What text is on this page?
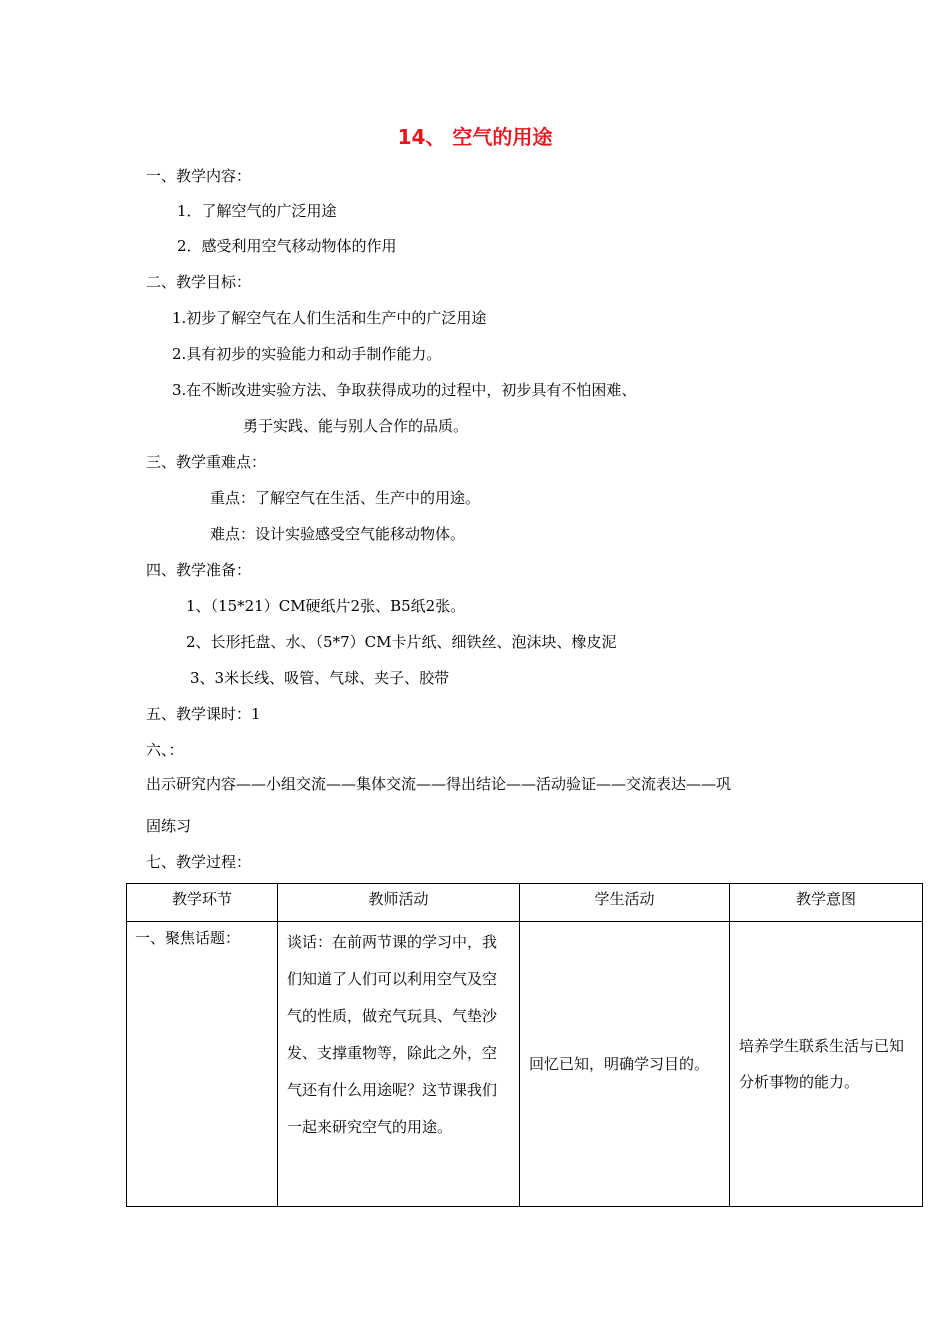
14、 空气的用途
一、教学内容：
1．了解空气的广泛用途
2．感受利用空气移动物体的作用
二、教学目标：
1.初步了解空气在人们生活和生产中的广泛用途
2.具有初步的实验能力和动手制作能力。
3.在不断改进实验方法、争取获得成功的过程中，初步具有不怕困难、
勇于实践、能与别人合作的品质。
三、教学重难点：
重点：了解空气在生活、生产中的用途。
难点：设计实验感受空气能移动物体。
四、教学准备：
1、（15*21）CM硬纸片2张、B5纸2张。
2、长形托盘、水、（5*7）CM卡片纸、细铁丝、泡沫块、橡皮泥
3、3米长线、吸管、气球、夹子、胶带
五、教学课时：1
六、：
出示研究内容——小组交流——集体交流——得出结论——活动验证——交流表达——巩
固练习
七、教学过程：
教学环节	教师活动	学生活动	教学意图

一、聚焦话题：	谈话：在前两节课的学习中，我们知道了人们可以利用空气及空气的性质，做充气玩具、气垫沙发、支撑重物等，除此之外，空气还有什么用途呢？这节课我们一起来研究空气的用途。	回忆已知，明确学习目的。	培养学生联系生活与已知分析事物的能力。
